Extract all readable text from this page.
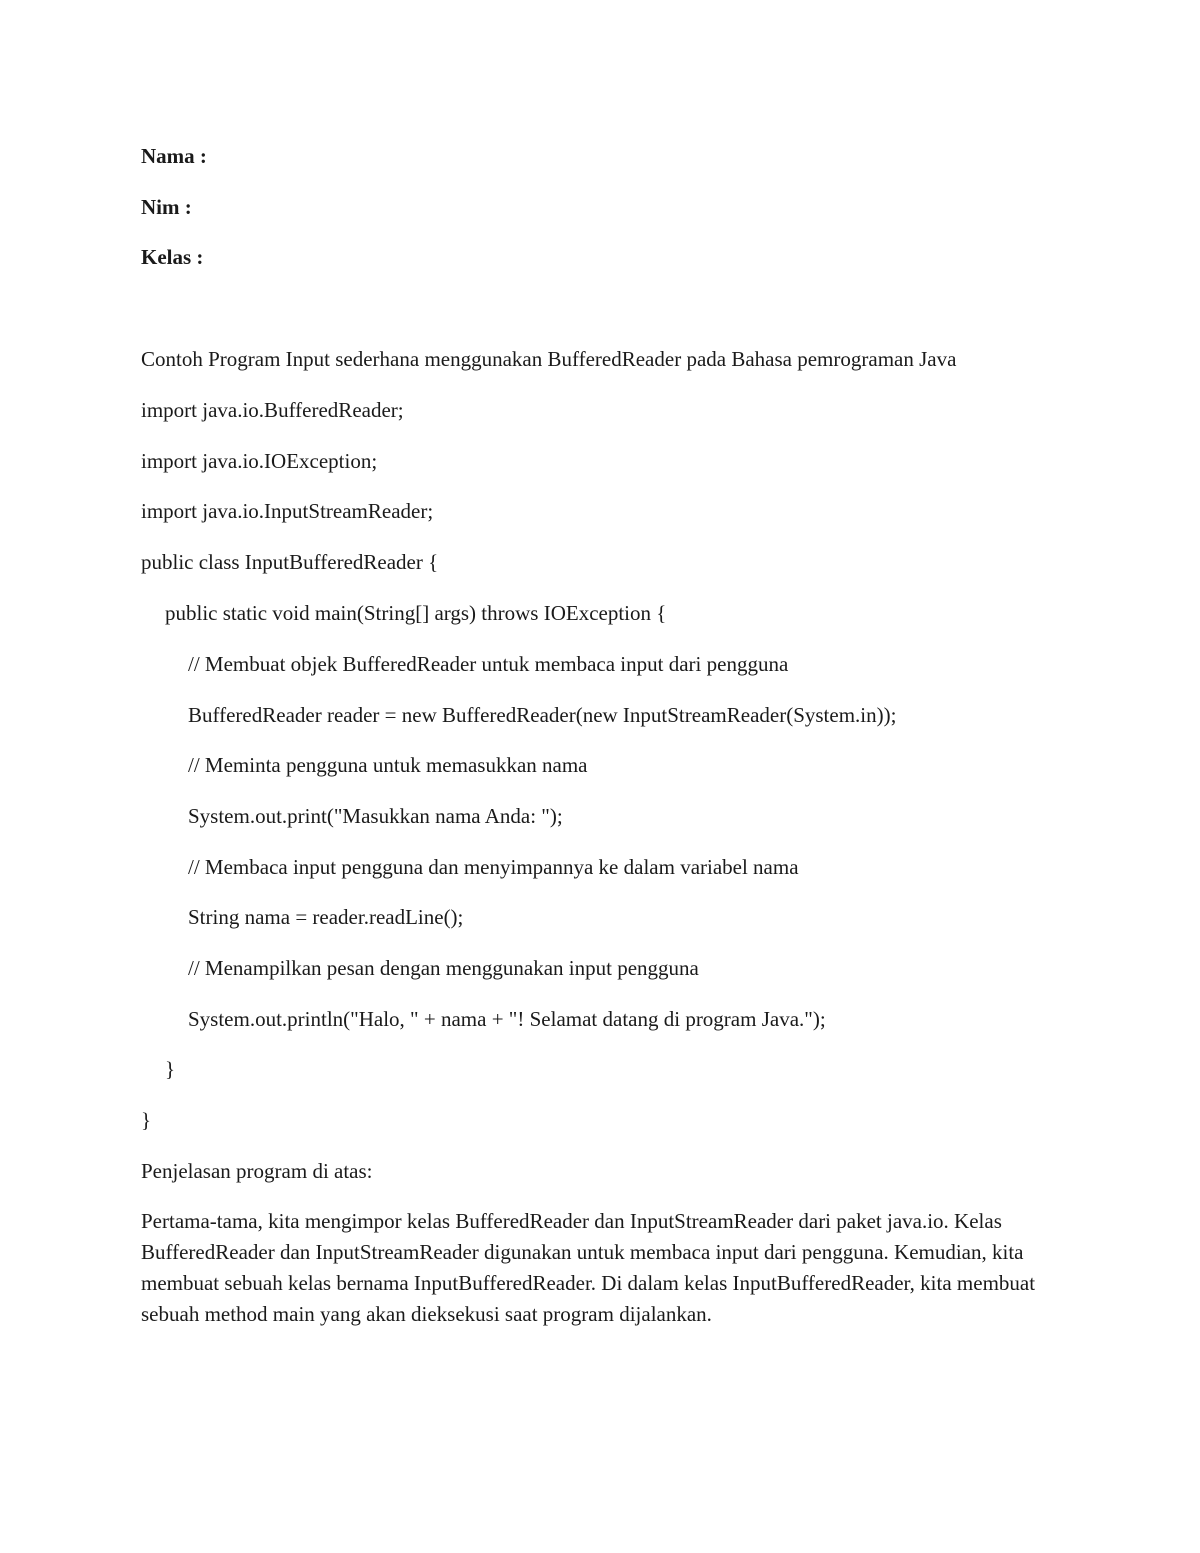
Nama :
Nim :
Kelas :
Contoh Program Input sederhana menggunakan BufferedReader pada Bahasa pemrograman Java
import java.io.BufferedReader;
import java.io.IOException;
import java.io.InputStreamReader;
public class InputBufferedReader {
public static void main(String[] args) throws IOException {
// Membuat objek BufferedReader untuk membaca input dari pengguna
BufferedReader reader = new BufferedReader(new InputStreamReader(System.in));
// Meminta pengguna untuk memasukkan nama
System.out.print("Masukkan nama Anda: ");
// Membaca input pengguna dan menyimpannya ke dalam variabel nama
String nama = reader.readLine();
// Menampilkan pesan dengan menggunakan input pengguna
System.out.println("Halo, " + nama + "! Selamat datang di program Java.");
}
}
Penjelasan program di atas:
Pertama-tama, kita mengimpor kelas BufferedReader dan InputStreamReader dari paket java.io. Kelas BufferedReader dan InputStreamReader digunakan untuk membaca input dari pengguna. Kemudian, kita membuat sebuah kelas bernama InputBufferedReader. Di dalam kelas InputBufferedReader, kita membuat sebuah method main yang akan dieksekusi saat program dijalankan.
